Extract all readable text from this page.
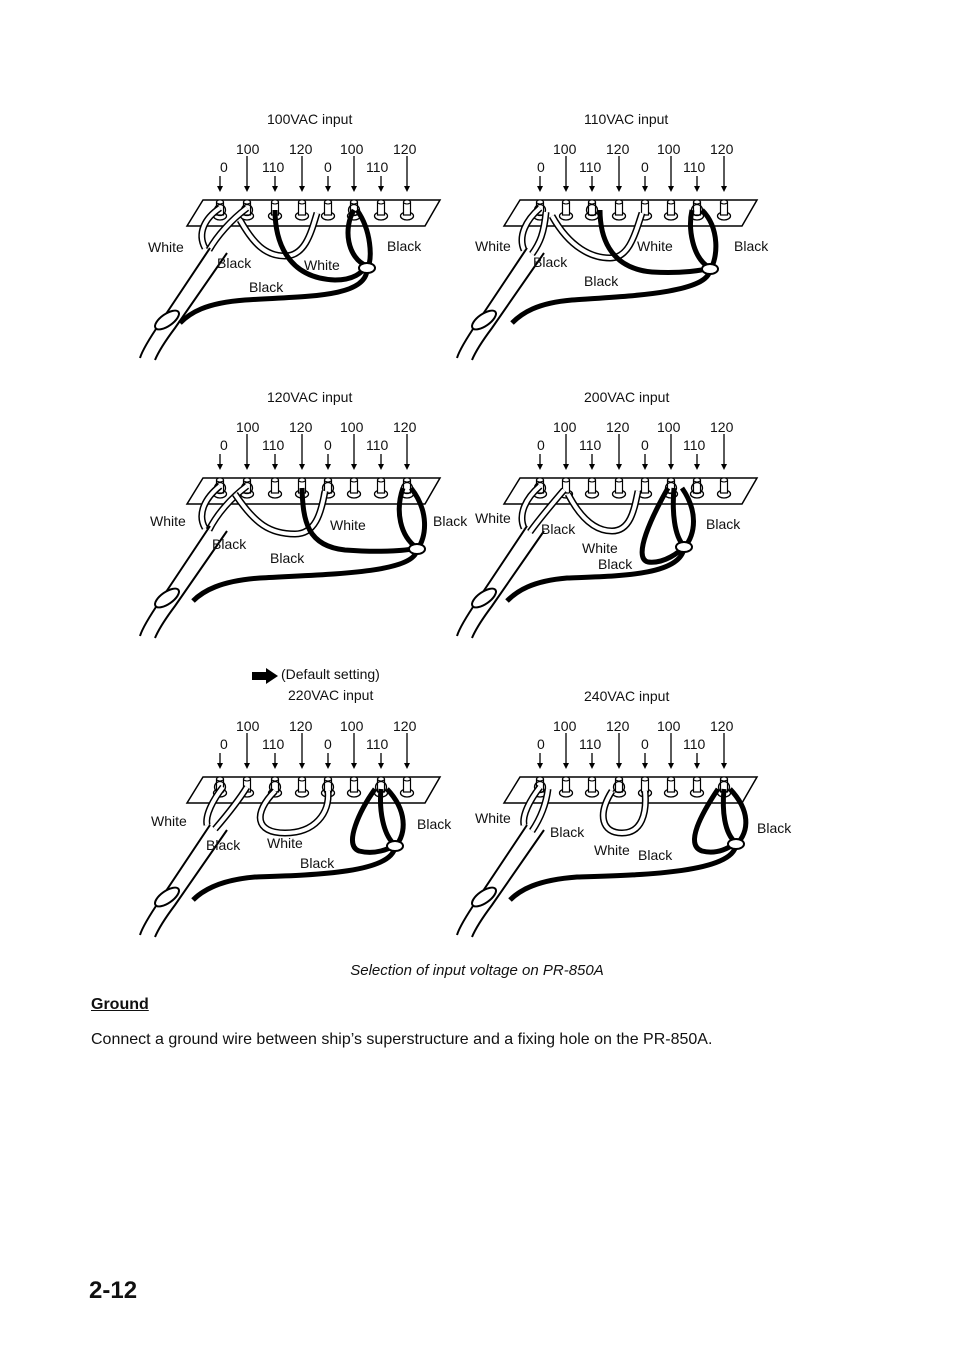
100VAC input
100 120 100 120
0 110	0 110
White
Black	White
Black
Black
110VAC input
100 120 100 120
0 110	0 110
White
Black
Black
White	Black
120VAC input
100 120 100 120
0 110	0 110
White
Black
Black
White	Black
200VAC input
100 120 100 120
0 110	0 110
White
Black
White
Black
Black
(Default setting)
220VAC input
100 120 100 120
0 110	0 110
White
Black White
Black
Black
240VAC input
100 120 100 120
0 110	0 110
White
Black
White Black
Black
Selection of input voltage on PR-850A
Ground
Connect a ground wire between ship’s superstructure and a fixing hole on the PR-850A.
2-12
